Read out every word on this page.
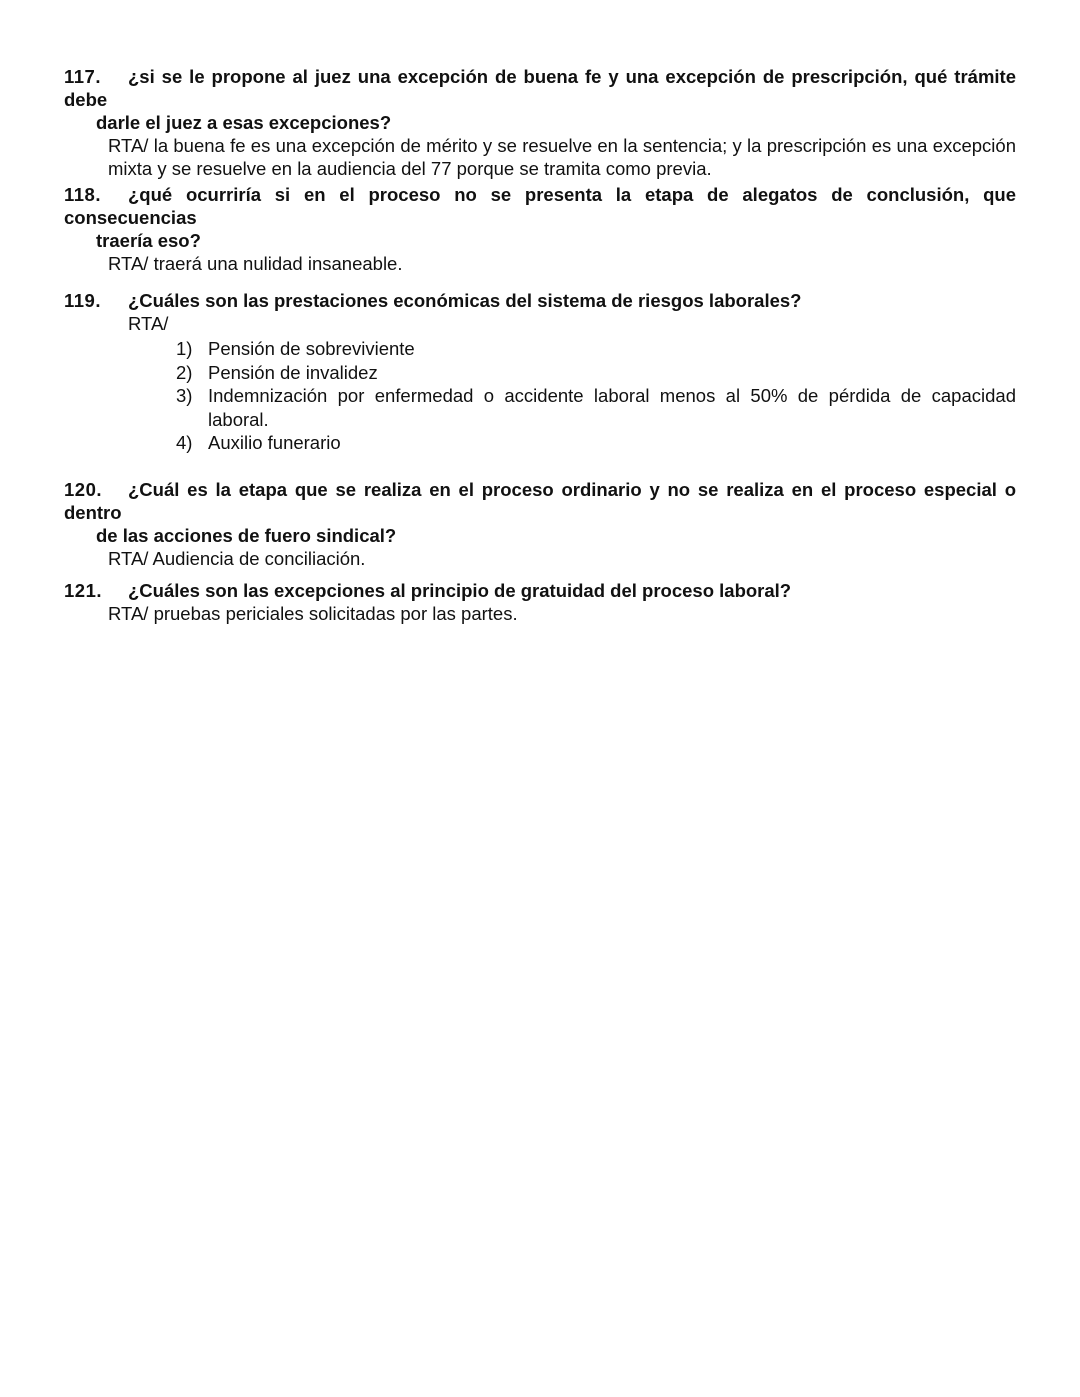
117. ¿si se le propone al juez una excepción de buena fe y una excepción de prescripción, qué trámite debe
darle el juez a esas excepciones?
RTA/ la buena fe es una excepción de mérito y se resuelve en la sentencia; y la prescripción es una excepción mixta y se resuelve en la audiencia del 77 porque se tramita como previa.
118. ¿qué ocurriría si en el proceso no se presenta la etapa de alegatos de conclusión, que consecuencias
traería eso?
RTA/ traerá una nulidad insaneable.
119. ¿Cuáles son las prestaciones económicas del sistema de riesgos laborales?
RTA/
1) Pensión de sobreviviente
2) Pensión de invalidez
3) Indemnización por enfermedad o accidente laboral menos al 50% de pérdida de capacidad laboral.
4) Auxilio funerario
120. ¿Cuál es la etapa que se realiza en el proceso ordinario y no se realiza en el proceso especial o dentro
de las acciones de fuero sindical?
RTA/ Audiencia de conciliación.
121. ¿Cuáles son las excepciones al principio de gratuidad del proceso laboral?
RTA/ pruebas periciales solicitadas por las partes.
